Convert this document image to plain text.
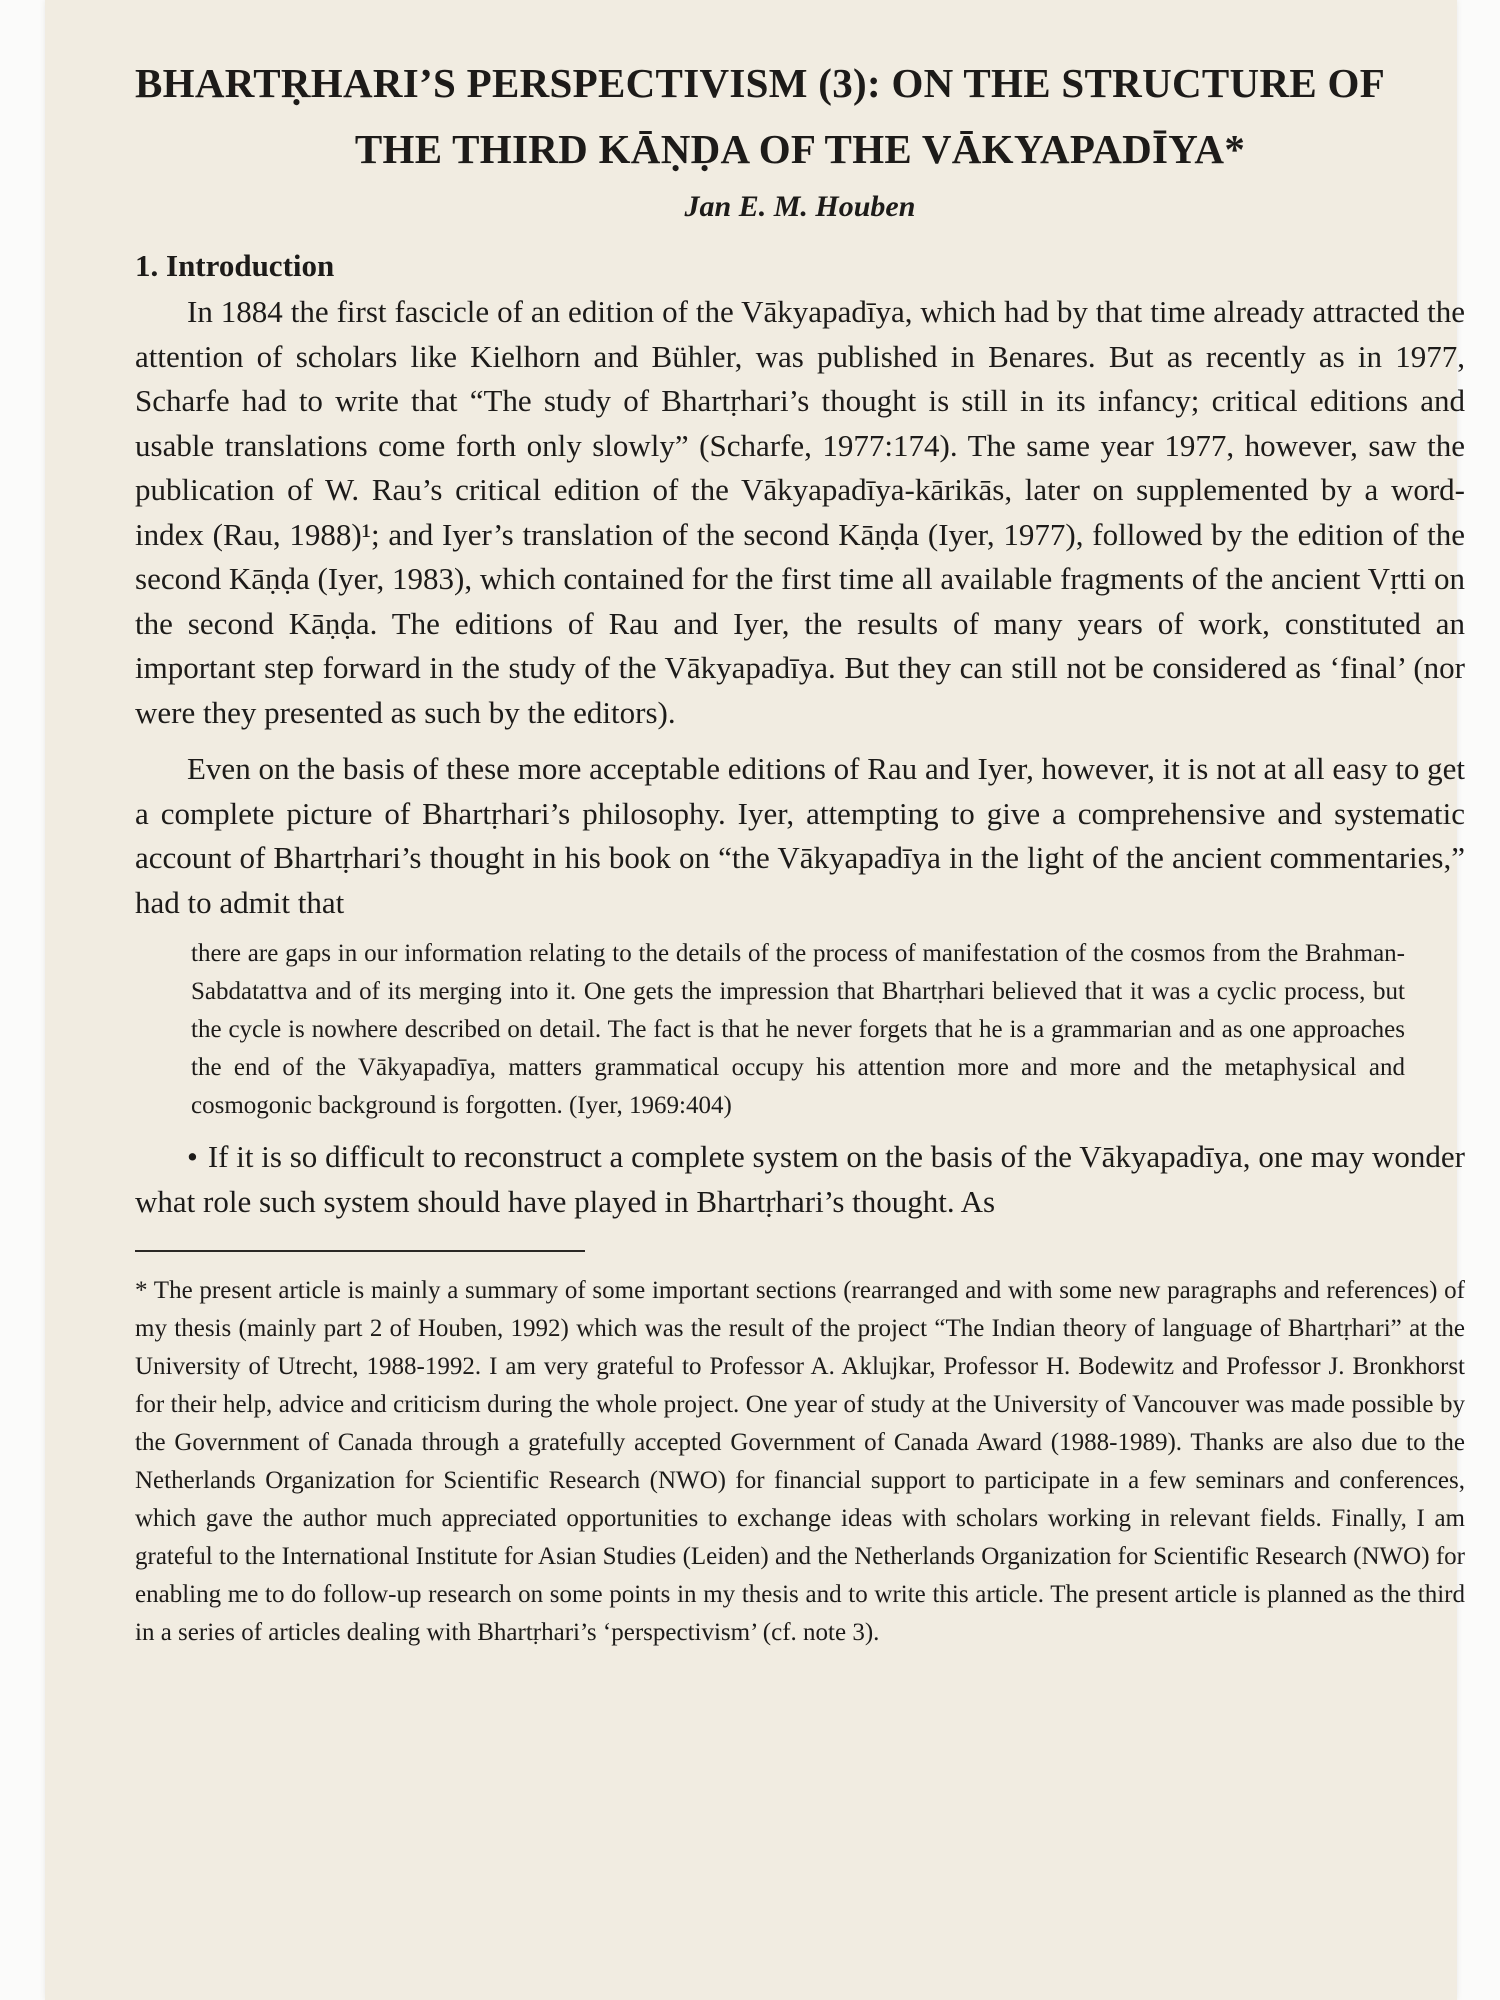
BHARTṚHARI’S PERSPECTIVISM (3): ON THE STRUCTURE OF
THE THIRD KĀṆḌA OF THE VĀKYAPADĪYA*
Jan E. M. Houben
1. Introduction

In 1884 the first fascicle of an edition of the Vākyapadīya, which had by that time already attracted the attention of scholars like Kielhorn and Bühler, was published in Benares. But as recently as in 1977, Scharfe had to write that “The study of Bhartṛhari’s thought is still in its infancy; critical editions and usable translations come forth only slowly” (Scharfe, 1977:174). The same year 1977, however, saw the publication of W. Rau’s critical edition of the Vākyapadīya-kārikās, later on supplemented by a word-index (Rau, 1988)¹; and Iyer’s translation of the second Kāṇḍa (Iyer, 1977), followed by the edition of the second Kāṇḍa (Iyer, 1983), which contained for the first time all available fragments of the ancient Vṛtti on the second Kāṇḍa. The editions of Rau and Iyer, the results of many years of work, constituted an important step forward in the study of the Vākyapadīya. But they can still not be considered as ‘final’ (nor were they presented as such by the editors).

Even on the basis of these more acceptable editions of Rau and Iyer, however, it is not at all easy to get a complete picture of Bhartṛhari’s philosophy. Iyer, attempting to give a comprehensive and systematic account of Bhartṛhari’s thought in his book on “the Vākyapadīya in the light of the ancient commentaries,” had to admit that

there are gaps in our information relating to the details of the process of manifestation of the cosmos from the Brahman-Sabdatattva and of its merging into it. One gets the impression that Bhartṛhari believed that it was a cyclic process, but the cycle is nowhere described on detail. The fact is that he never forgets that he is a grammarian and as one approaches the end of the Vākyapadīya, matters grammatical occupy his attention more and more and the metaphysical and cosmogonic background is forgotten. (Iyer, 1969:404)

• If it is so difficult to reconstruct a complete system on the basis of the Vākyapadīya, one may wonder what role such system should have played in Bhartṛhari’s thought. As

* The present article is mainly a summary of some important sections (rearranged and with some new paragraphs and references) of my thesis (mainly part 2 of Houben, 1992) which was the result of the project “The Indian theory of language of Bhartṛhari” at the University of Utrecht, 1988-1992. I am very grateful to Professor A. Aklujkar, Professor H. Bodewitz and Professor J. Bronkhorst for their help, advice and criticism during the whole project. One year of study at the University of Vancouver was made possible by the Government of Canada through a gratefully accepted Government of Canada Award (1988-1989). Thanks are also due to the Netherlands Organization for Scientific Research (NWO) for financial support to participate in a few seminars and conferences, which gave the author much appreciated opportunities to exchange ideas with scholars working in relevant fields. Finally, I am grateful to the International Institute for Asian Studies (Leiden) and the Netherlands Organization for Scientific Research (NWO) for enabling me to do follow-up research on some points in my thesis and to write this article. The present article is planned as the third in a series of articles dealing with Bhartṛhari’s ‘perspectivism’ (cf. note 3).
